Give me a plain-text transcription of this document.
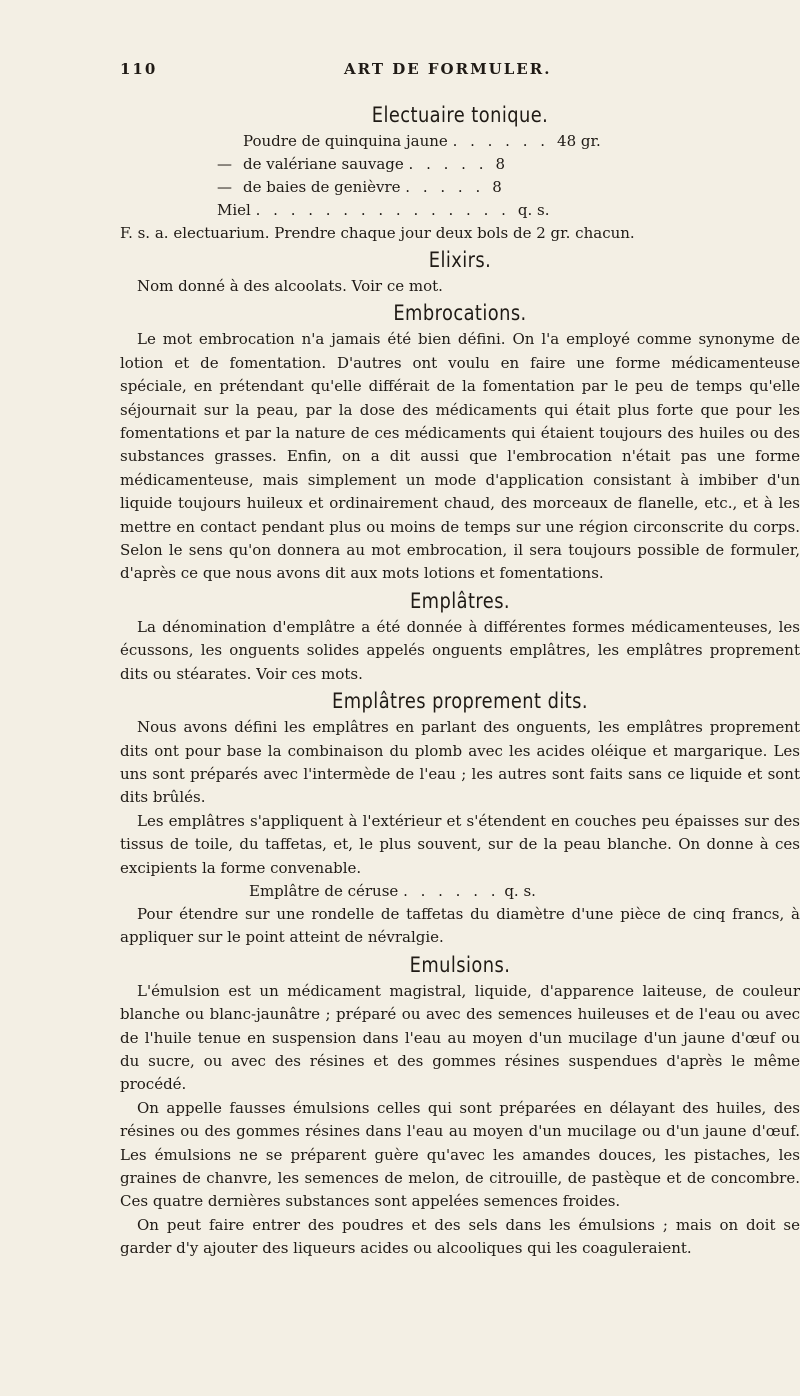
110	ART DE FORMULER.
Electuaire tonique.
Poudre de quinquina jaune
. . . . . . 48 gr.
— de valériane sauvage
. . . . . 8
— de baies de genièvre
. . . . . 8
Miel
. . . . . . . . . . . . . . . q. s.
F. s. a. electuarium. Prendre chaque jour deux bols de 2 gr. chacun.
Elixirs.

Nom donné à des alcoolats. Voir ce mot.

Embrocations.

Le mot embrocation n'a jamais été bien défini. On l'a employé comme synonyme de lotion et de fomentation. D'autres ont voulu en faire une forme médicamenteuse spéciale, en prétendant qu'elle différait de la fomentation par le peu de temps qu'elle séjournait sur la peau, par la dose des médicaments qui était plus forte que pour les fomentations et par la nature de ces médicaments qui étaient toujours des huiles ou des substances grasses. Enfin, on a dit aussi que l'embrocation n'était pas une forme médicamenteuse, mais simplement un mode d'application consistant à imbiber d'un liquide toujours huileux et ordinairement chaud, des morceaux de flanelle, etc., et à les mettre en contact pendant plus ou moins de temps sur une région circonscrite du corps. Selon le sens qu'on donnera au mot embrocation, il sera toujours possible de formuler, d'après ce que nous avons dit aux mots lotions et fomentations.

Emplâtres.

La dénomination d'emplâtre a été donnée à différentes formes médicamenteuses, les écussons, les onguents solides appelés onguents emplâtres, les emplâtres proprement dits ou stéarates. Voir ces mots.

Emplâtres proprement dits.

Nous avons défini les emplâtres en parlant des onguents, les emplâtres proprement dits ont pour base la combinaison du plomb avec les acides oléique et margarique. Les uns sont préparés avec l'intermède de l'eau ; les autres sont faits sans ce liquide et sont dits brûlés.

Les emplâtres s'appliquent à l'extérieur et s'étendent en couches peu épaisses sur des tissus de toile, du taffetas, et, le plus souvent, sur de la peau blanche. On donne à ces excipients la forme convenable.

Emplâtre de céruse . . . . . . q. s.

Pour étendre sur une rondelle de taffetas du diamètre d'une pièce de cinq francs, à appliquer sur le point atteint de névralgie.

Emulsions.

L'émulsion est un médicament magistral, liquide, d'apparence laiteuse, de couleur blanche ou blanc-jaunâtre ; préparé ou avec des semences huileuses et de l'eau ou avec de l'huile tenue en suspension dans l'eau au moyen d'un mucilage d'un jaune d'œuf ou du sucre, ou avec des résines et des gommes résines suspendues d'après le même procédé.

On appelle fausses émulsions celles qui sont préparées en délayant des huiles, des résines ou des gommes résines dans l'eau au moyen d'un mucilage ou d'un jaune d'œuf. Les émulsions ne se préparent guère qu'avec les amandes douces, les pistaches, les graines de chanvre, les semences de melon, de citrouille, de pastèque et de concombre. Ces quatre dernières substances sont appelées semences froides.

On peut faire entrer des poudres et des sels dans les émulsions ; mais on doit se garder d'y ajouter des liqueurs acides ou alcooliques qui les coaguleraient.
